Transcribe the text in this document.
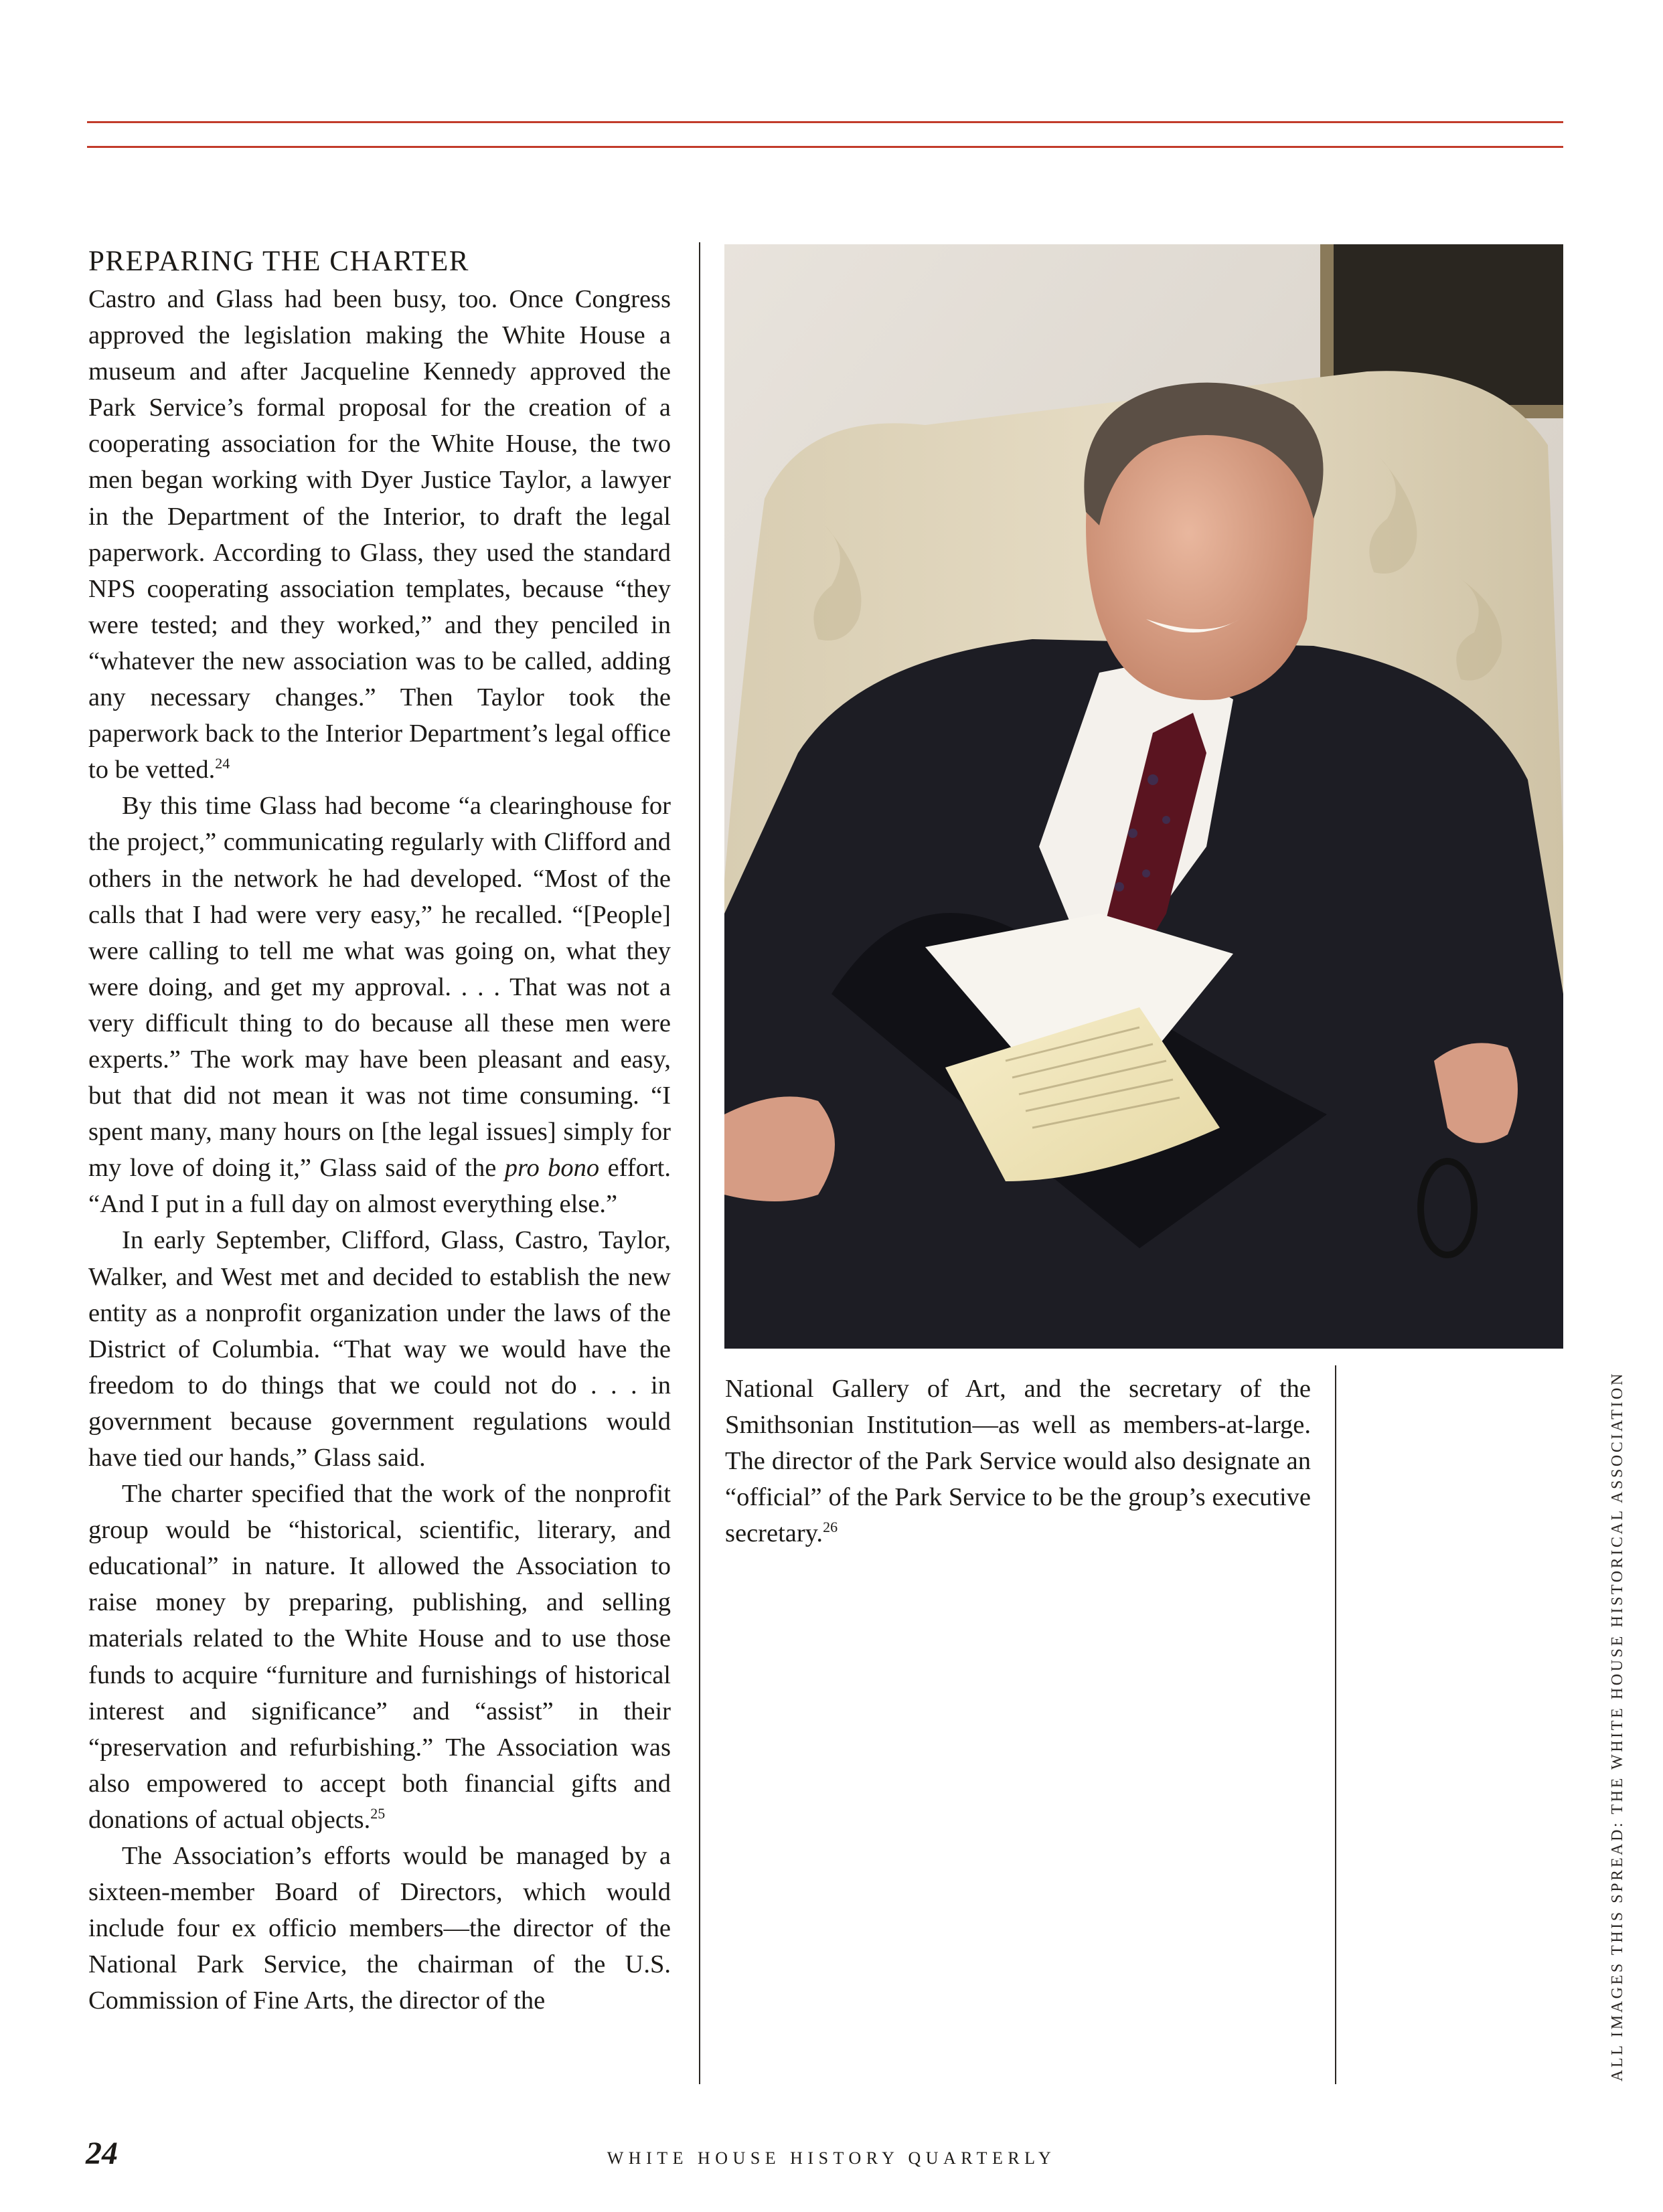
PREPARING THE CHARTER

Castro and Glass had been busy, too. Once Congress approved the legislation making the White House a museum and after Jacqueline Kennedy approved the Park Service’s formal proposal for the creation of a cooperating association for the White House, the two men began working with Dyer Justice Taylor, a lawyer in the Department of the Interior, to draft the legal paperwork. According to Glass, they used the standard NPS cooperating association templates, because “they were tested; and they worked,” and they penciled in “whatever the new association was to be called, adding any necessary changes.” Then Taylor took the paperwork back to the Interior Department’s legal office to be vetted.$^{24}$

By this time Glass had become “a clearinghouse for the project,” communicating regularly with Clifford and others in the network he had developed. “Most of the calls that I had were very easy,” he recalled. “[People] were calling to tell me what was going on, what they were doing, and get my approval. . . . That was not a very difficult thing to do because all these men were experts.” The work may have been pleasant and easy, but that did not mean it was not time consuming. “I spent many, many hours on [the legal issues] simply for my love of doing it,” Glass said of the pro bono effort. “And I put in a full day on almost everything else.”

In early September, Clifford, Glass, Castro, Taylor, Walker, and West met and decided to establish the new entity as a nonprofit organization under the laws of the District of Columbia. “That way we would have the freedom to do things that we could not do . . . in government because government regulations would have tied our hands,” Glass said.

The charter specified that the work of the nonprofit group would be “historical, scientific, literary, and educational” in nature. It allowed the Association to raise money by preparing, publishing, and selling materials related to the White House and to use those funds to acquire “furniture and furnishings of historical interest and significance” and “assist” in their “preservation and refurbishing.” The Association was also empowered to accept both financial gifts and donations of actual objects.$^{25}$

The Association’s efforts would be managed by a sixteen-member Board of Directors, which would include four ex officio members—the director of the National Park Service, the chairman of the U.S. Commission of Fine Arts, the director of the

National Gallery of Art, and the secretary of the Smithsonian Institution—as well as members-at-large. The director of the Park Service would also designate an “official” of the Park Service to be the group’s executive secretary.$^{26}$	ALL IMAGES THIS SPREAD: THE WHITE HOUSE HISTORICAL ASSOCIATION
24	WHITE HOUSE HISTORY QUARTERLY
